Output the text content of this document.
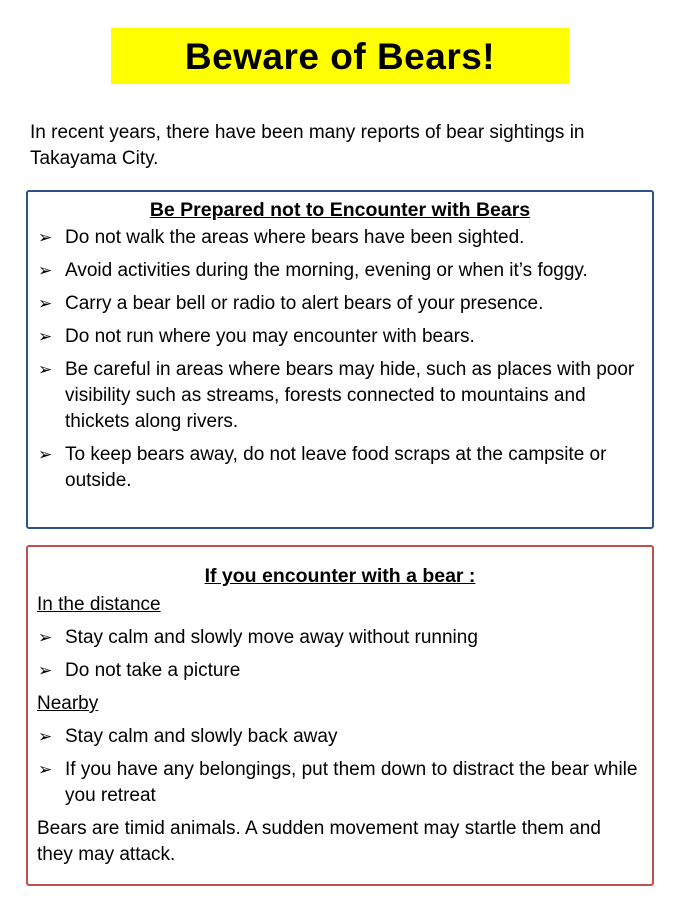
Beware of Bears!

In recent years, there have been many reports of bear sightings in Takayama City.

Be Prepared not to Encounter with Bears
➢ Do not walk the areas where bears have been sighted.
➢ Avoid activities during the morning, evening or when it’s foggy.
➢ Carry a bear bell or radio to alert bears of your presence.
➢ Do not run where you may encounter with bears.
➢ Be careful in areas where bears may hide, such as places with poor visibility such as streams, forests connected to mountains and thickets along rivers.
➢ To keep bears away, do not leave food scraps at the campsite or outside.
If you encounter with a bear :

In the distance

➢ Stay calm and slowly move away without running
➢ Do not take a picture

Nearby

➢ Stay calm and slowly back away
➢ If you have any belongings, put them down to distract the bear while you retreat

Bears are timid animals. A sudden movement may startle them and they may attack.
